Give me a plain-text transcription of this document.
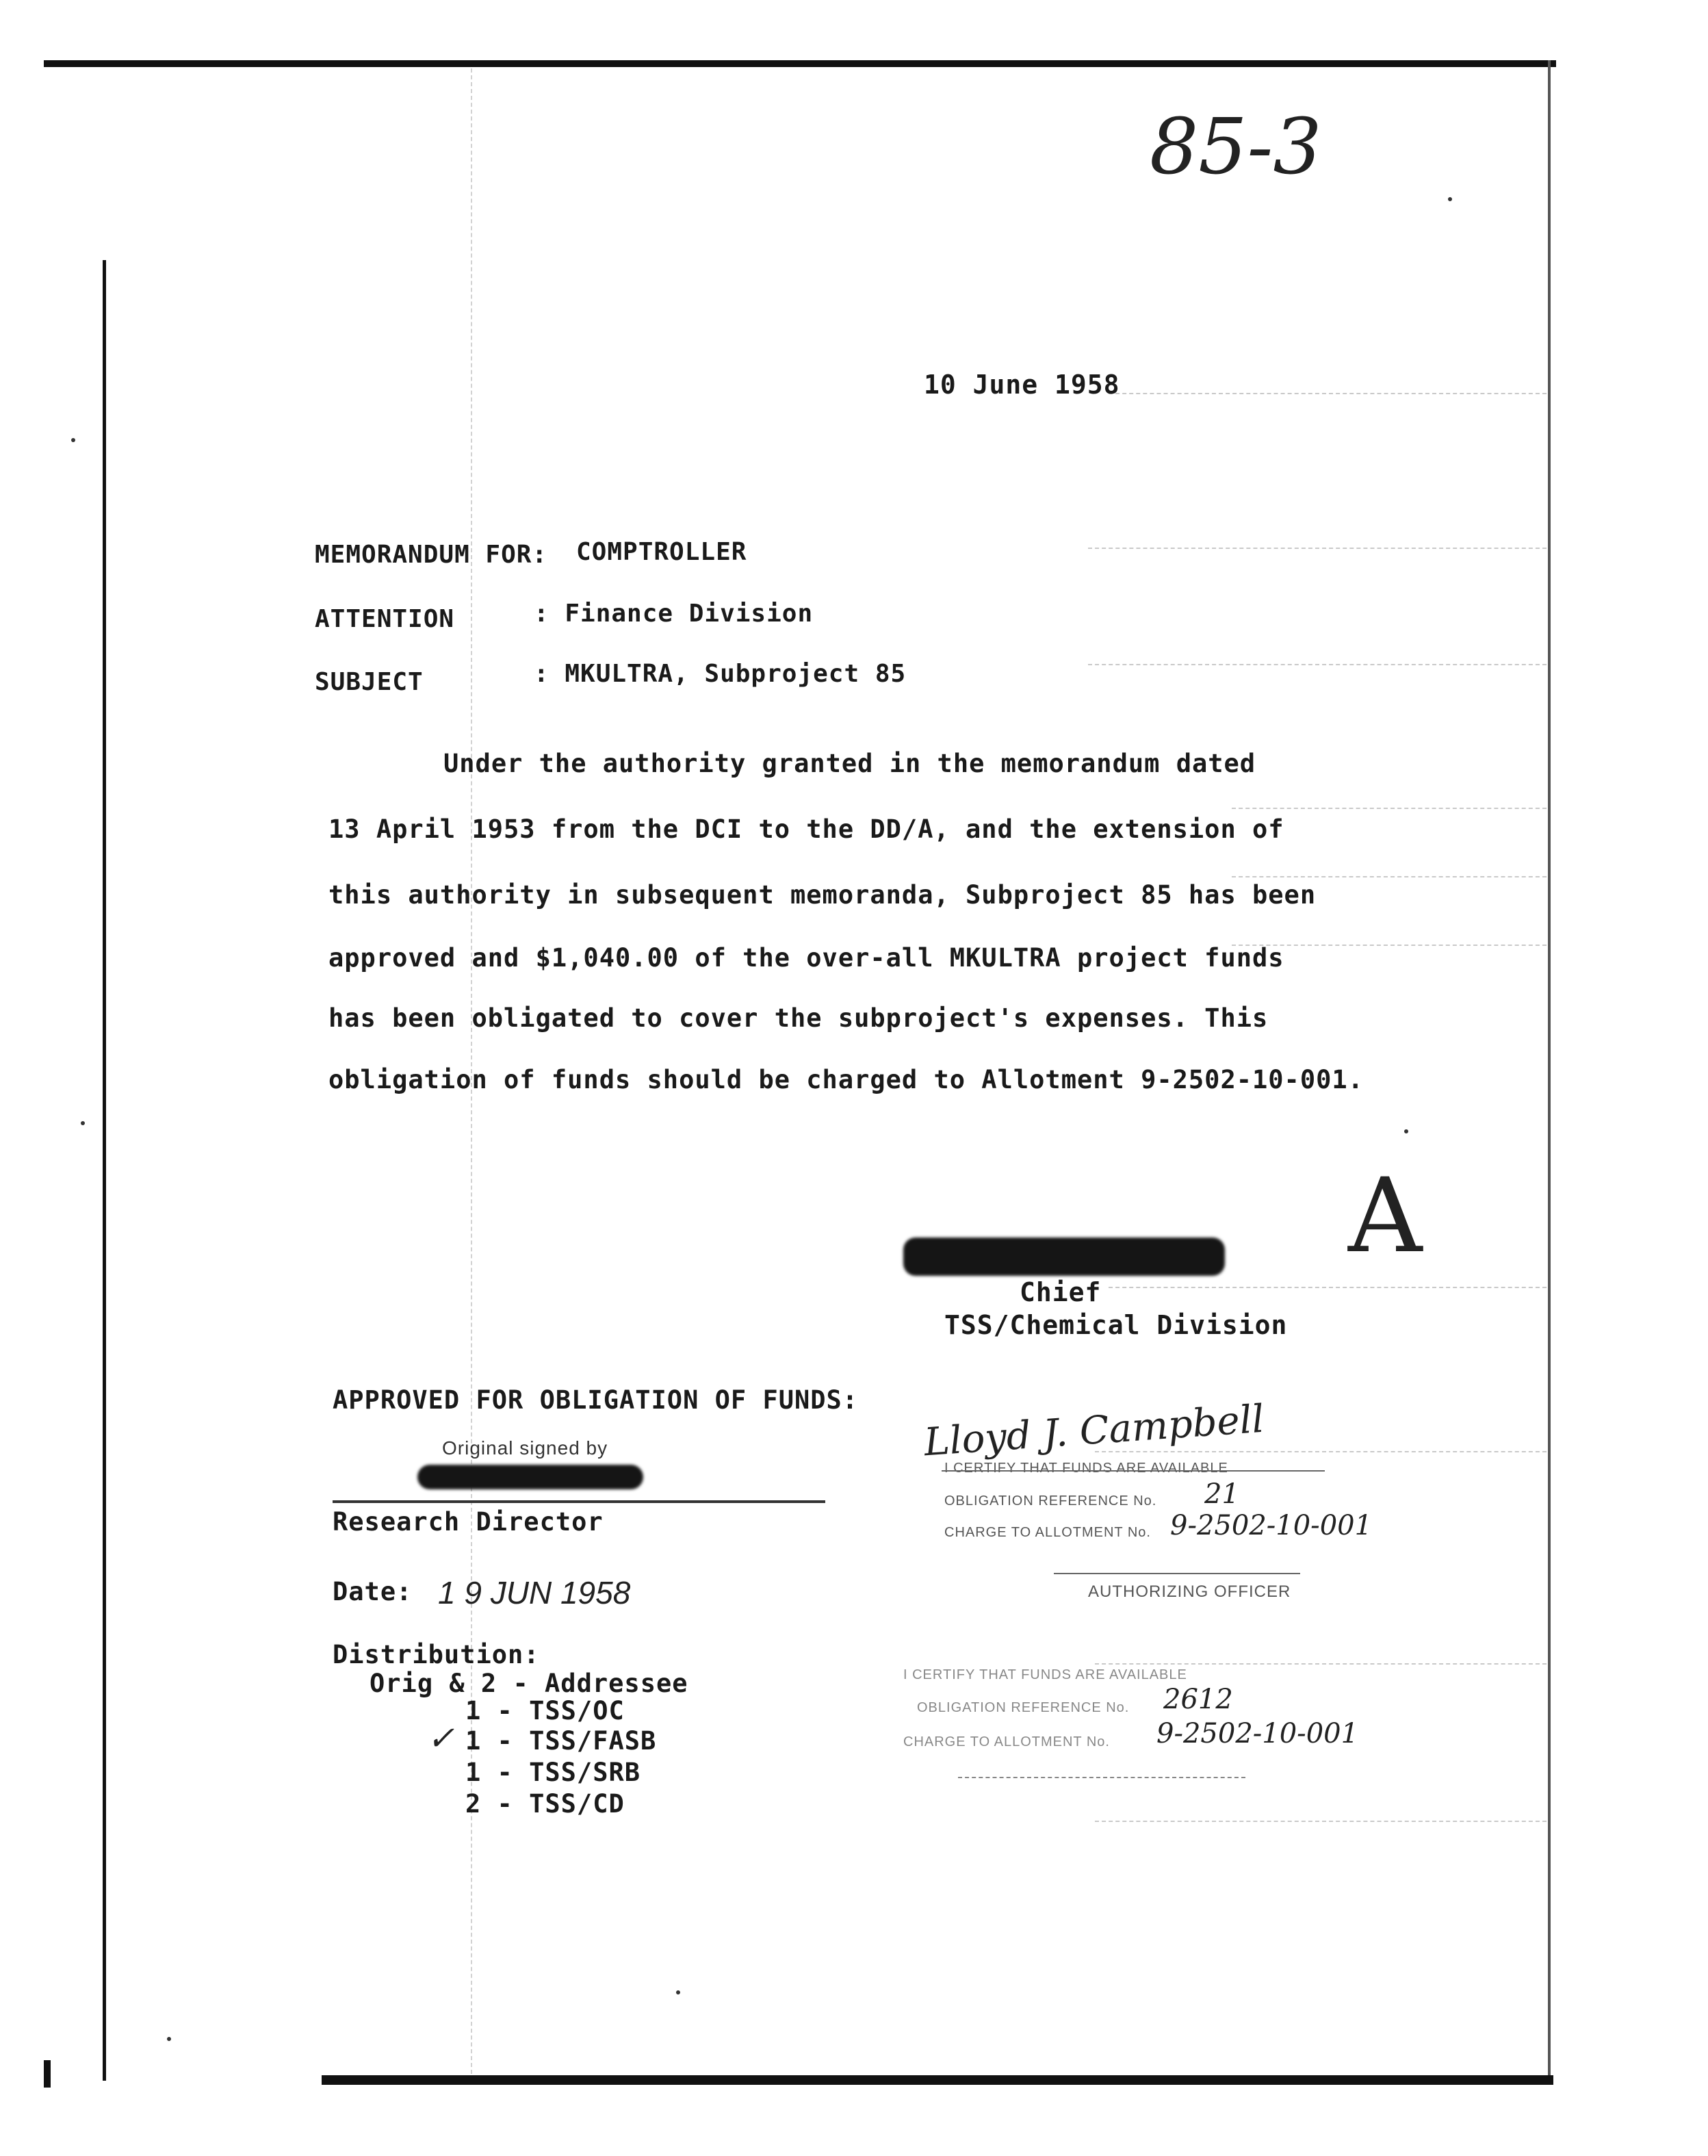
85-3
10 June 1958
MEMORANDUM FOR: COMPTROLLER
ATTENTION	: Finance Division
SUBJECT	: MKULTRA, Subproject 85
Under the authority granted in the memorandum dated
13 April 1953 from the DCI to the DD/A, and the extension of
this authority in subsequent memoranda, Subproject 85 has been
approved and $1,040.00 of the over-all MKULTRA project funds
has been obligated to cover the subproject's expenses. This
obligation of funds should be charged to Allotment 9-2502-10-001.
A
Chief
TSS/Chemical Division
APPROVED FOR OBLIGATION OF FUNDS:
Original signed by
Research Director
Date: 1 9 JUN 1958
Lloyd J. Campbell
I CERTIFY THAT FUNDS ARE AVAILABLE
OBLIGATION REFERENCE No. 21
CHARGE TO ALLOTMENT No. 9-2502-10-001
AUTHORIZING OFFICER
I CERTIFY THAT FUNDS ARE AVAILABLE
OBLIGATION REFERENCE No. 2612
CHARGE TO ALLOTMENT No. 9-2502-10-001
Distribution:
Orig & 2 - Addressee
1 - TSS/OC
✓ 1 - TSS/FASB
1 - TSS/SRB
2 - TSS/CD
